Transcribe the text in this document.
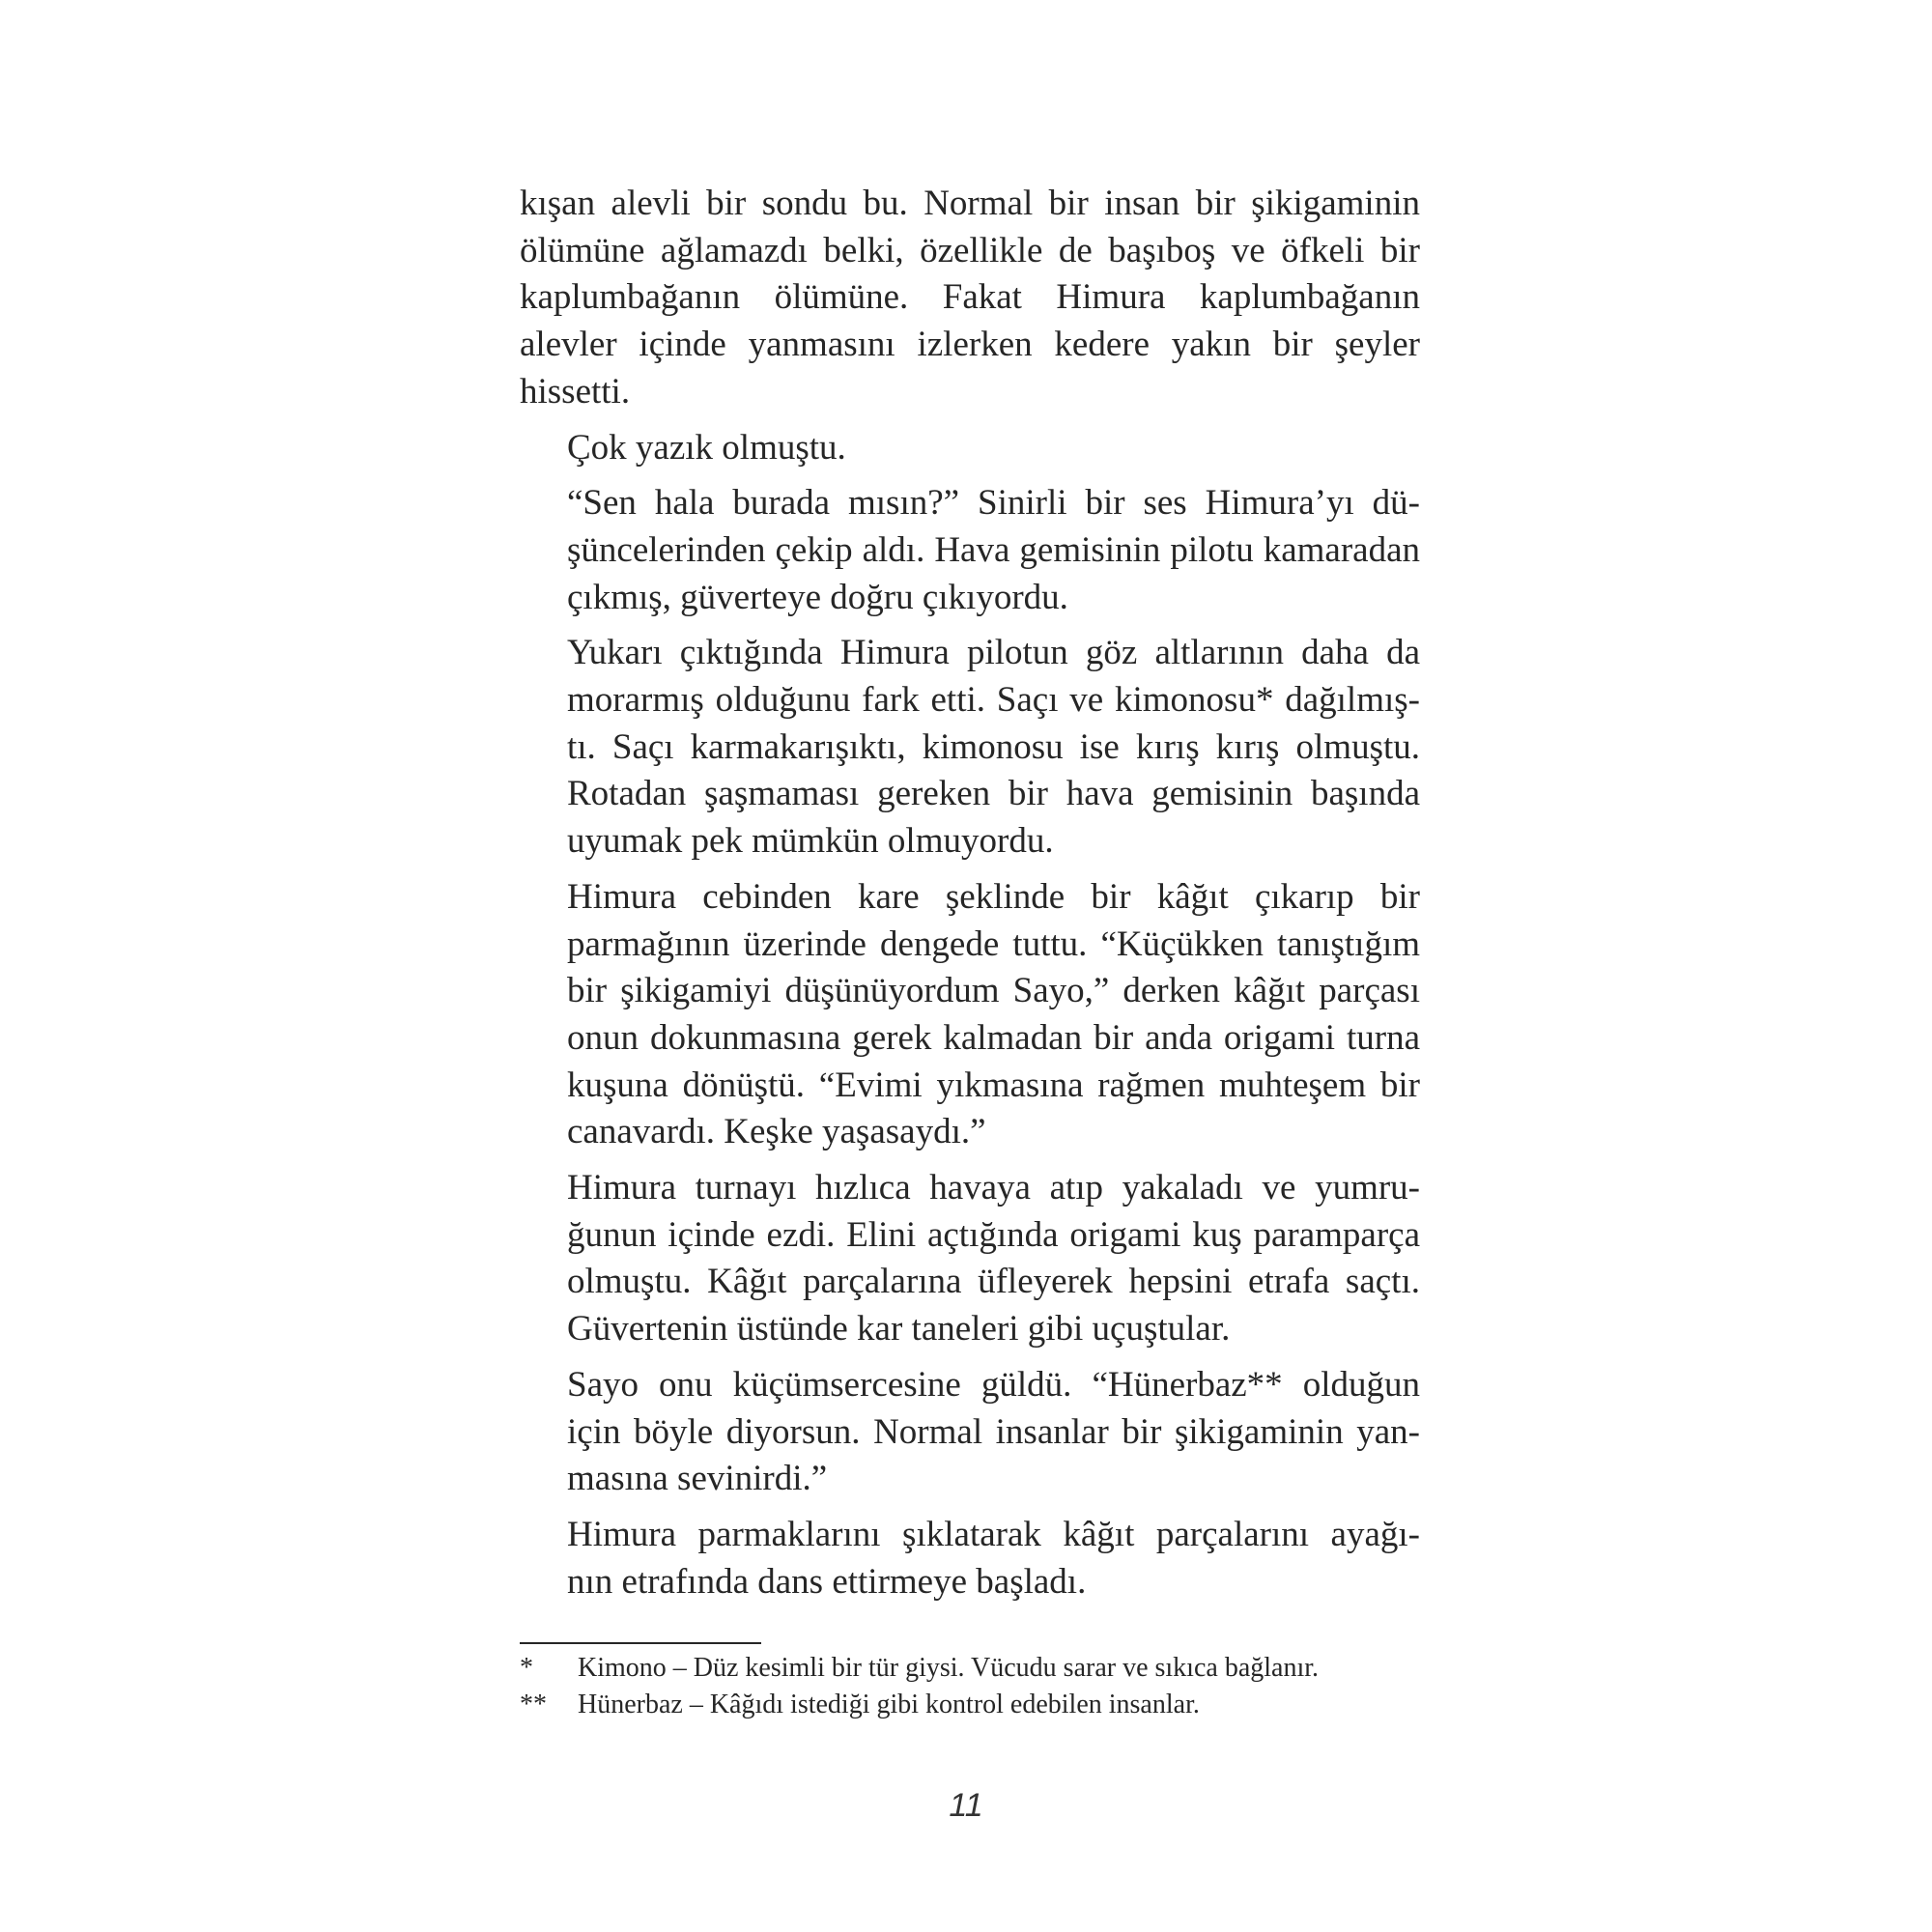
kışan alevli bir sondu bu. Normal bir insan bir şikigaminin
ölümüne ağlamazdı belki, özellikle de başıboş ve öfkeli bir
kaplumbağanın ölümüne. Fakat Himura kaplumbağanın
alevler içinde yanmasını izlerken kedere yakın bir şeyler
hissetti.

Çok yazık olmuştu.

“Sen hala burada mısın?” Sinirli bir ses Himura’yı dü-
şüncelerinden çekip aldı. Hava gemisinin pilotu kamaradan
çıkmış, güverteye doğru çıkıyordu.

Yukarı çıktığında Himura pilotun göz altlarının daha da
morarmış olduğunu fark etti. Saçı ve kimonosu* dağılmış-
tı. Saçı karmakarışıktı, kimonosu ise kırış kırış olmuştu.
Rotadan şaşmaması gereken bir hava gemisinin başında
uyumak pek mümkün olmuyordu.

Himura cebinden kare şeklinde bir kâğıt çıkarıp bir
parmağının üzerinde dengede tuttu. “Küçükken tanıştığım
bir şikigamiyi düşünüyordum Sayo,” derken kâğıt parçası
onun dokunmasına gerek kalmadan bir anda origami turna
kuşuna dönüştü. “Evimi yıkmasına rağmen muhteşem bir
canavardı. Keşke yaşasaydı.”

Himura turnayı hızlıca havaya atıp yakaladı ve yumru-
ğunun içinde ezdi. Elini açtığında origami kuş paramparça
olmuştu. Kâğıt parçalarına üfleyerek hepsini etrafa saçtı.
Güvertenin üstünde kar taneleri gibi uçuştular.

Sayo onu küçümsercesine güldü. “Hünerbaz** olduğun
için böyle diyorsun. Normal insanlar bir şikigaminin yan-
masına sevinirdi.”

Himura parmaklarını şıklatarak kâğıt parçalarını ayağı-
nın etrafında dans ettirmeye başladı.

*	Kimono – Düz kesimli bir tür giysi. Vücudu sarar ve sıkıca bağlanır.
**	Hünerbaz – Kâğıdı istediği gibi kontrol edebilen insanlar.
11
